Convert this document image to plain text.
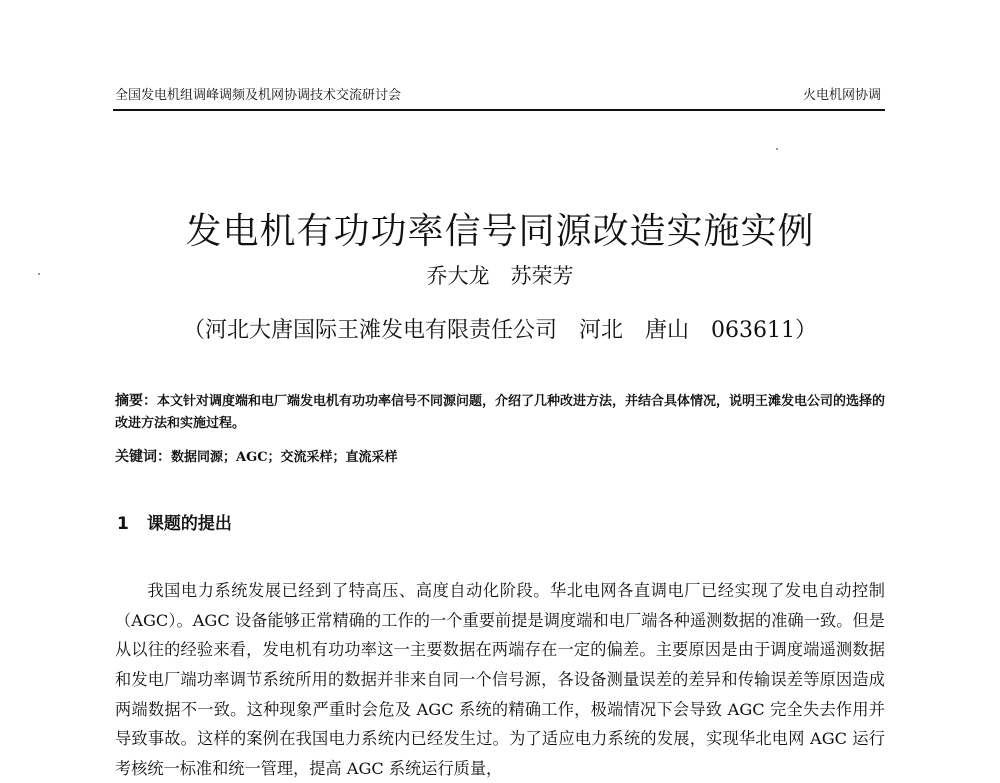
全国发电机组调峰调频及机网协调技术交流研讨会	火电机网协调
发电机有功功率信号同源改造实施实例
乔大龙　苏荣芳
（河北大唐国际王滩发电有限责任公司　河北　唐山　063611）
摘要：本文针对调度端和电厂端发电机有功功率信号不同源问题，介绍了几种改进方法，并结合具体情况，说明王滩发电公司的选择的改进方法和实施过程。
关键词：数据同源；AGC；交流采样；直流采样
1 课题的提出

我国电力系统发展已经到了特高压、高度自动化阶段。华北电网各直调电厂已经实现了发电自动控制（AGC）。AGC 设备能够正常精确的工作的一个重要前提是调度端和电厂端各种遥测数据的准确一致。但是从以往的经验来看，发电机有功功率这一主要数据在两端存在一定的偏差。主要原因是由于调度端遥测数据和发电厂端功率调节系统所用的数据并非来自同一个信号源，各设备测量误差的差异和传输误差等原因造成两端数据不一致。这种现象严重时会危及 AGC 系统的精确工作，极端情况下会导致 AGC 完全失去作用并导致事故。这样的案例在我国电力系统内已经发生过。为了适应电力系统的发展，实现华北电网 AGC 运行考核统一标准和统一管理，提高 AGC 系统运行质量，
